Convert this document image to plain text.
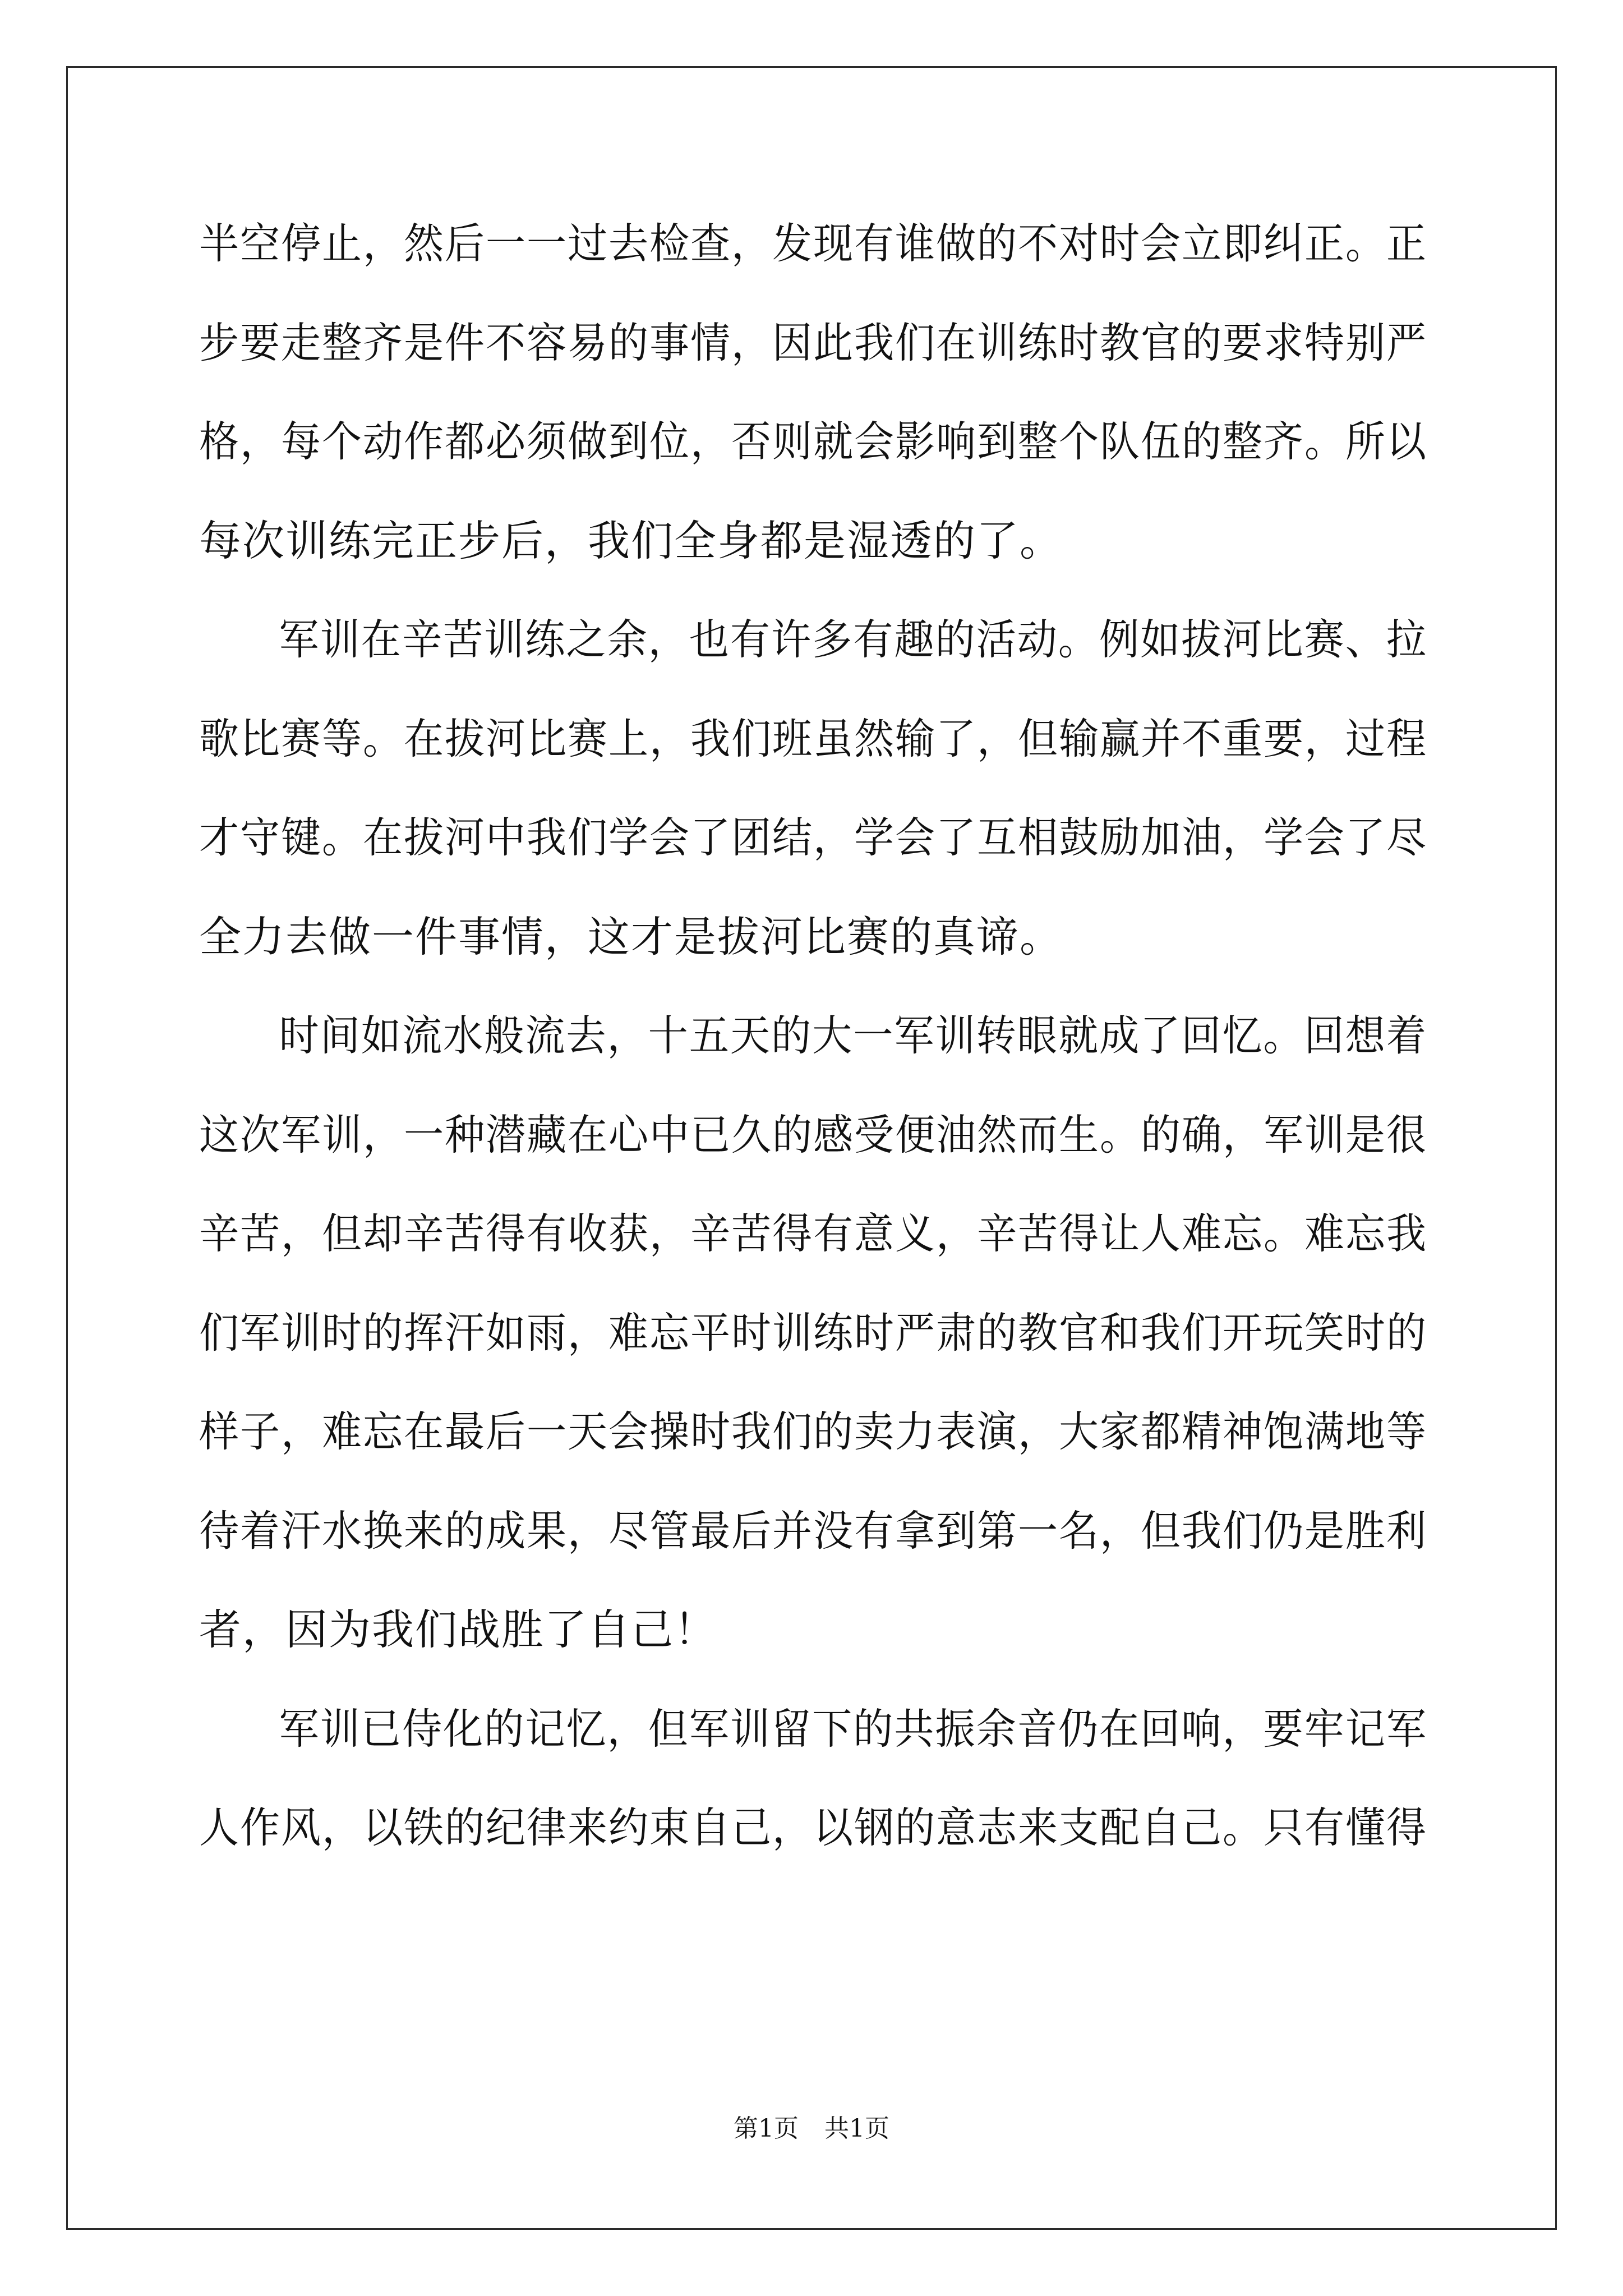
半空停止，然后一一过去检查，发现有谁做的不对时会立即纠正。正
步要走整齐是件不容易的事情，因此我们在训练时教官的要求特别严
格，每个动作都必须做到位，否则就会影响到整个队伍的整齐。所以
每次训练完正步后，我们全身都是湿透的了。
军训在辛苦训练之余，也有许多有趣的活动。例如拔河比赛、拉
歌比赛等。在拔河比赛上，我们班虽然输了，但输赢并不重要，过程
才守键。在拔河中我们学会了团结，学会了互相鼓励加油，学会了尽
全力去做一件事情，这才是拔河比赛的真谛。
时间如流水般流去，十五天的大一军训转眼就成了回忆。回想着
这次军训，一种潜藏在心中已久的感受便油然而生。的确，军训是很
辛苦，但却辛苦得有收获，辛苦得有意义，辛苦得让人难忘。难忘我
们军训时的挥汗如雨，难忘平时训练时严肃的教官和我们开玩笑时的
样子，难忘在最后一天会操时我们的卖力表演，大家都精神饱满地等
待着汗水换来的成果，尽管最后并没有拿到第一名，但我们仍是胜利
者，因为我们战胜了自己！
军训已侍化的记忆，但军训留下的共振余音仍在回响，要牢记军
人作风，以铁的纪律来约束自己，以钢的意志来支配自己。只有懂得
第1页 共1页
